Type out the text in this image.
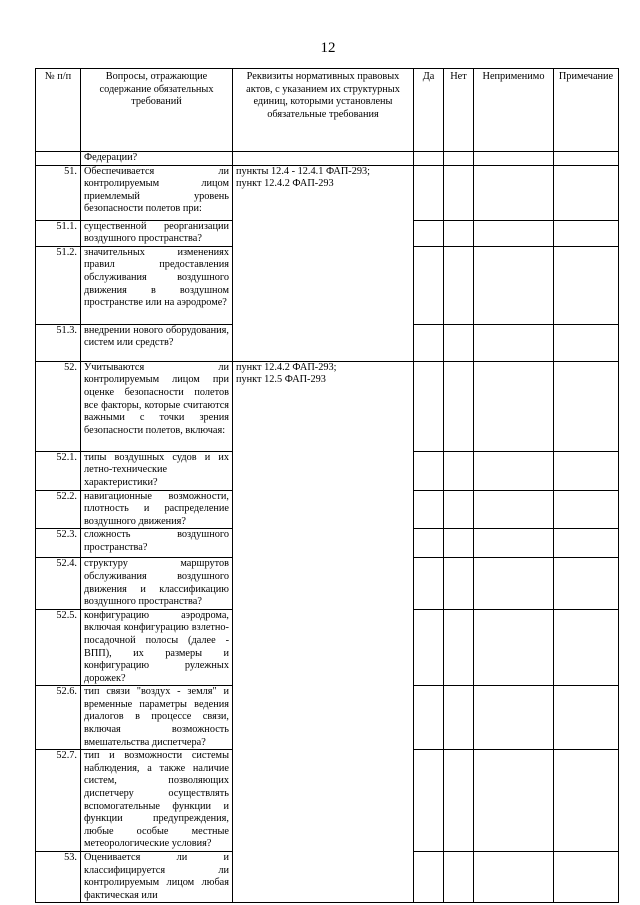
12
№ п/п	Вопросы, отражающие содержание обязательных требований	Реквизиты нормативных правовых актов, с указанием их структурных единиц, которыми установлены обязательные требования	Да	Нет	Неприменимо	Примечание
	Федерации?					
51.	Обеспечивается ли контролируемым лицом приемлемый уровень безопасности полетов при:	пункты 12.4 - 12.4.1 ФАП-293;
пункт 12.4.2 ФАП-293				

51.1.	существенной реорганизации воздушного пространства?					
51.2.	значительных изменениях правил предоставления обслуживания воздушного движения в воздушном пространстве или на аэродроме?					
51.3.	внедрении нового оборудования, систем или средств?					
52.	Учитываются ли контролируемым лицом при оценке безопасности полетов все факторы, которые считаются важными с точки зрения безопасности полетов, включая:	пункт 12.4.2 ФАП-293;
пункт 12.5 ФАП-293				

52.1.	типы воздушных судов и их летно-технические характеристики?					
52.2.	навигационные возможности, плотность и распределение воздушного движения?					
52.3.	сложность воздушного пространства?					
52.4.	структуру маршрутов обслуживания воздушного движения и классификацию воздушного пространства?					
52.5.	конфигурацию аэродрома, включая конфигурацию взлетно-посадочной полосы (далее - ВПП), их размеры и конфигурацию рулежных дорожек?					
52.6.	тип связи "воздух - земля" и временные параметры ведения диалогов в процессе связи, включая возможность вмешательства диспетчера?					
52.7.	тип и возможности системы наблюдения, а также наличие систем, позволяющих диспетчеру осуществлять вспомогательные функции и функции предупреждения, любые особые местные метеорологические условия?					
53.	Оценивается ли и классифицируется ли контролируемым лицом любая фактическая или					
